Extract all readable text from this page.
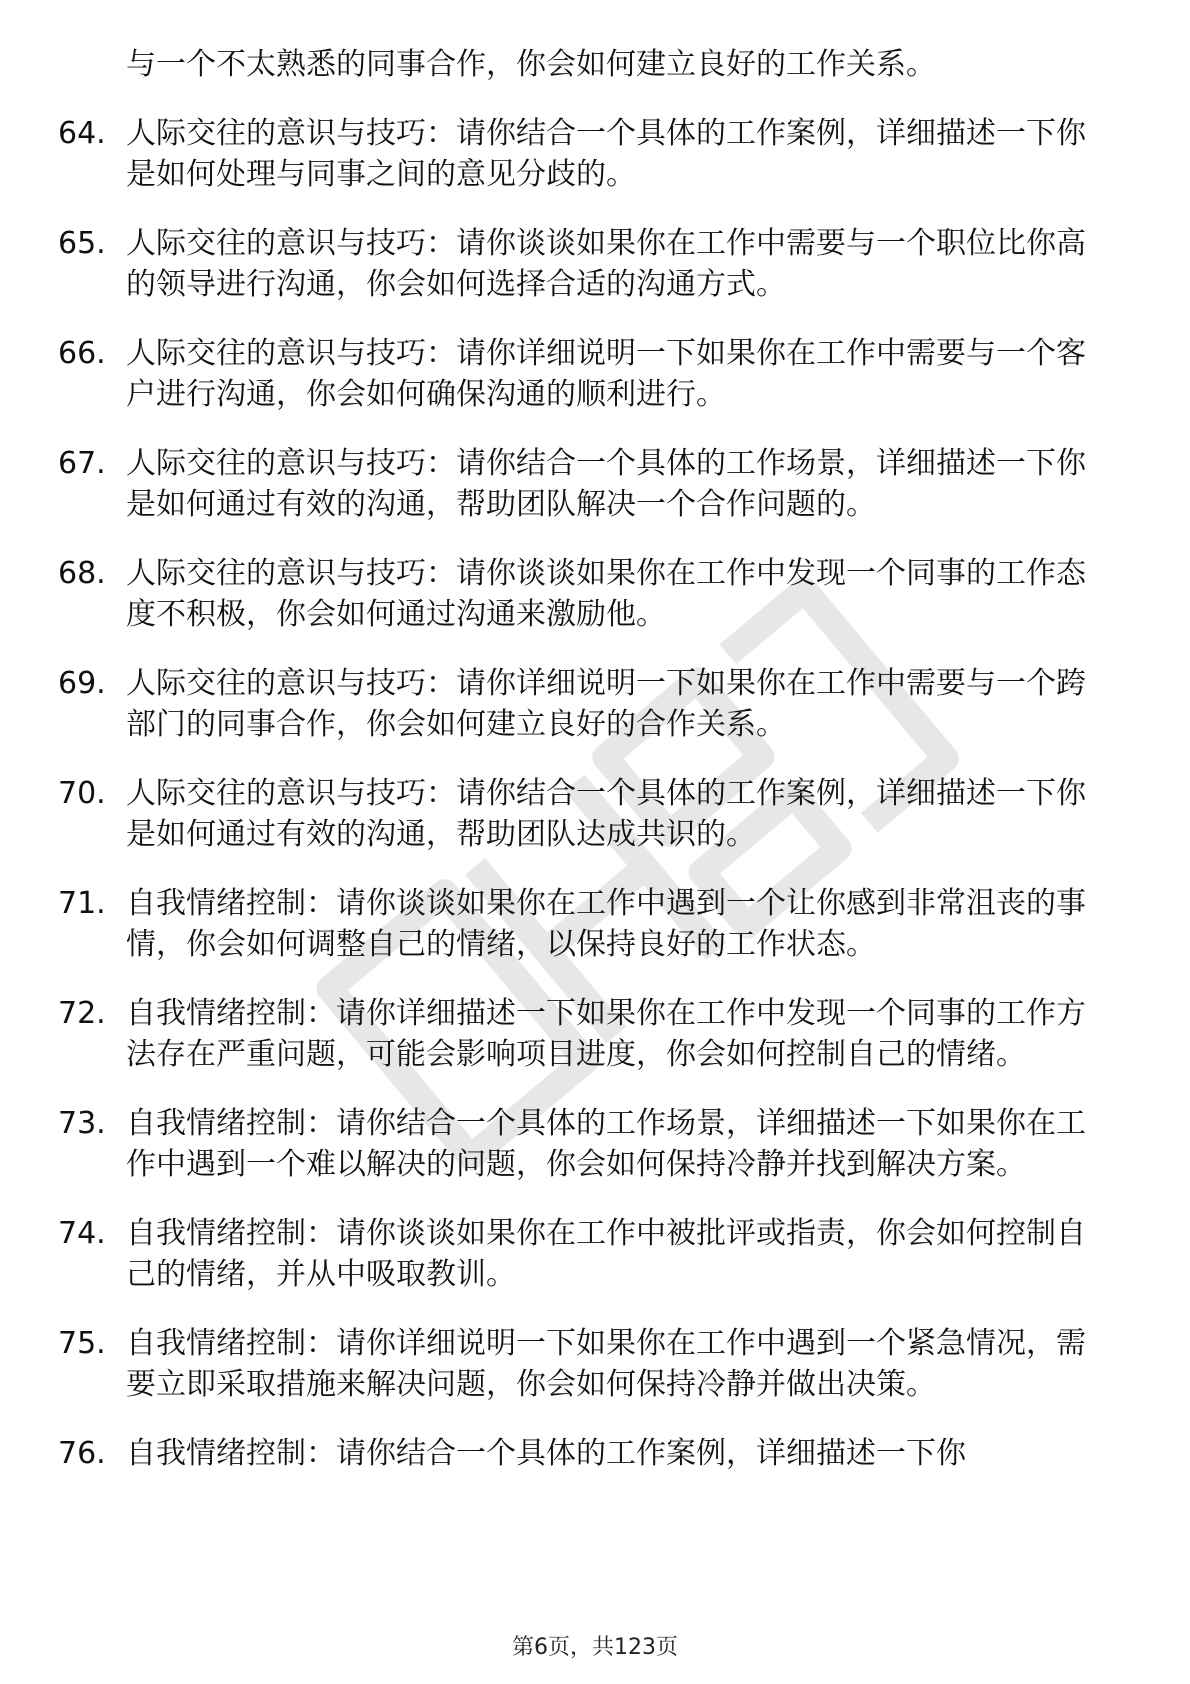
与一个不太熟悉的同事合作，你会如何建立良好的工作关系。

64. 人际交往的意识与技巧：请你结合一个具体的工作案例，详细描述一下你是如何处理与同事之间的意见分歧的。
65. 人际交往的意识与技巧：请你谈谈如果你在工作中需要与一个职位比你高的领导进行沟通，你会如何选择合适的沟通方式。
66. 人际交往的意识与技巧：请你详细说明一下如果你在工作中需要与一个客户进行沟通，你会如何确保沟通的顺利进行。
67. 人际交往的意识与技巧：请你结合一个具体的工作场景，详细描述一下你是如何通过有效的沟通，帮助团队解决一个合作问题的。
68. 人际交往的意识与技巧：请你谈谈如果你在工作中发现一个同事的工作态度不积极，你会如何通过沟通来激励他。
69. 人际交往的意识与技巧：请你详细说明一下如果你在工作中需要与一个跨部门的同事合作，你会如何建立良好的合作关系。
70. 人际交往的意识与技巧：请你结合一个具体的工作案例，详细描述一下你是如何通过有效的沟通，帮助团队达成共识的。
71. 自我情绪控制：请你谈谈如果你在工作中遇到一个让你感到非常沮丧的事情，你会如何调整自己的情绪，以保持良好的工作状态。
72. 自我情绪控制：请你详细描述一下如果你在工作中发现一个同事的工作方法存在严重问题，可能会影响项目进度，你会如何控制自己的情绪。
73. 自我情绪控制：请你结合一个具体的工作场景，详细描述一下如果你在工作中遇到一个难以解决的问题，你会如何保持冷静并找到解决方案。
74. 自我情绪控制：请你谈谈如果你在工作中被批评或指责，你会如何控制自己的情绪，并从中吸取教训。
75. 自我情绪控制：请你详细说明一下如果你在工作中遇到一个紧急情况，需要立即采取措施来解决问题，你会如何保持冷静并做出决策。
76. 自我情绪控制：请你结合一个具体的工作案例，详细描述一下你
第6页，共123页
